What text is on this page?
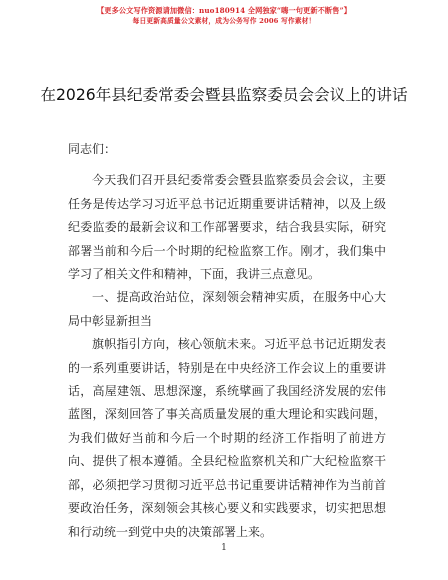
【更多公文写作资源请加微信：nuo180914 全网独家“嗨一句更新不断售”】
每日更新高质量公文素材，成为公务写作 2006 写作素材！
在2026年县纪委常委会暨县监察委员会会议上的讲话

同志们：

今天我们召开县纪委常委会暨县监察委员会会议，主要任务是传达学习习近平总书记近期重要讲话精神，以及上级纪委监委的最新会议和工作部署要求，结合我县实际，研究部署当前和今后一个时期的纪检监察工作。刚才，我们集中学习了相关文件和精神，下面，我讲三点意见。

一、提高政治站位，深刻领会精神实质，在服务中心大局中彰显新担当

旗帜指引方向，核心领航未来。习近平总书记近期发表的一系列重要讲话，特别是在中央经济工作会议上的重要讲话，高屋建瓴、思想深邃，系统擘画了我国经济发展的宏伟蓝图，深刻回答了事关高质量发展的重大理论和实践问题，为我们做好当前和今后一个时期的经济工作指明了前进方向、提供了根本遵循。全县纪检监察机关和广大纪检监察干部，必须把学习贯彻习近平总书记重要讲话精神作为当前首要政治任务，深刻领会其核心要义和实践要求，切实把思想和行动统一到党中央的决策部署上来。

1
